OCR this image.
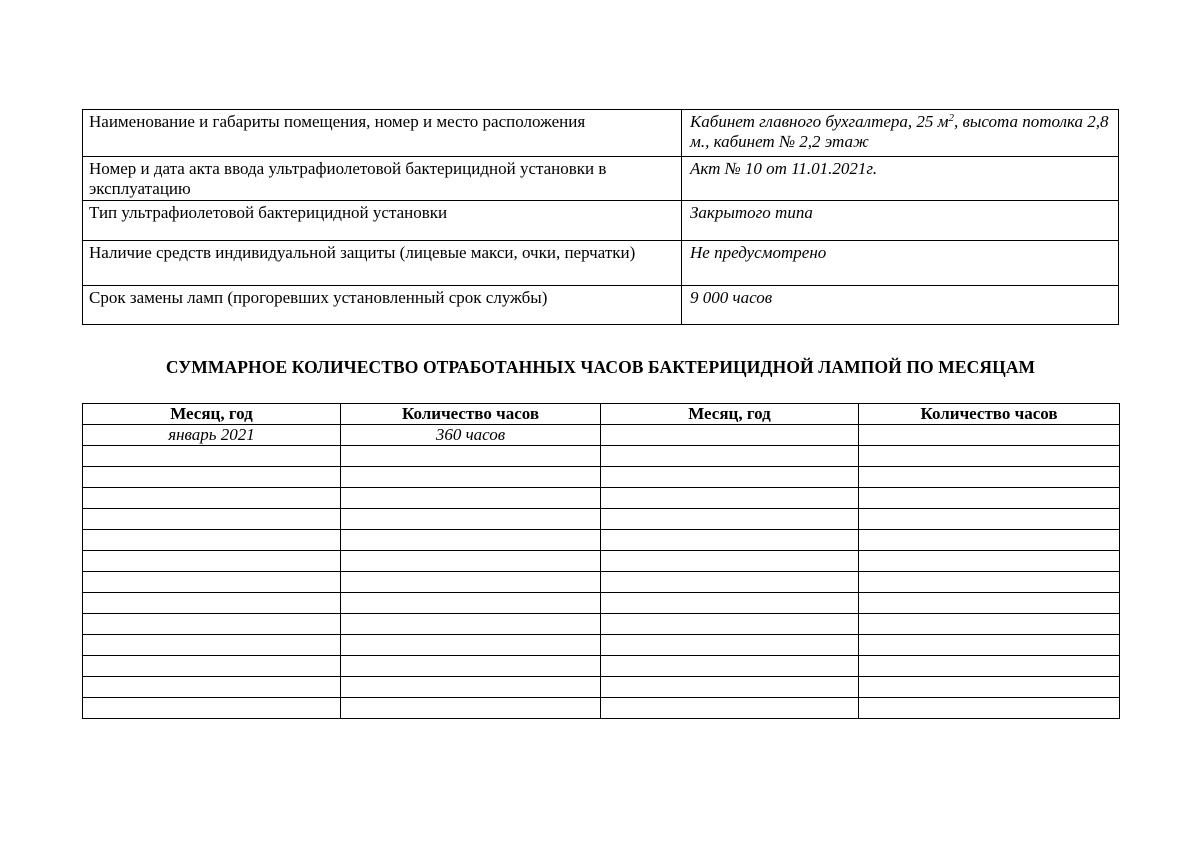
Наименование и габариты помещения, номер и место расположения	Кабинет главного бухгалтера, 25 $м^2$, высота потолка 2,8 м., кабинет № 2,2 этаж
Номер и дата акта ввода ультрафиолетовой бактерицидной установки в эксплуатацию	Акт № 10 от 11.01.2021г.
Тип ультрафиолетовой бактерицидной установки	Закрытого типа
Наличие средств индивидуальной защиты (лицевые макси, очки, перчатки)	Не предусмотрено
Срок замены ламп (прогоревших установленный срок службы)	9 000 часов
СУММАРНОЕ КОЛИЧЕСТВО ОТРАБОТАННЫХ ЧАСОВ БАКТЕРИЦИДНОЙ ЛАМПОЙ ПО МЕСЯЦАМ
Месяц, год	Количество часов	Месяц, год	Количество часов
январь 2021	360 часов		
